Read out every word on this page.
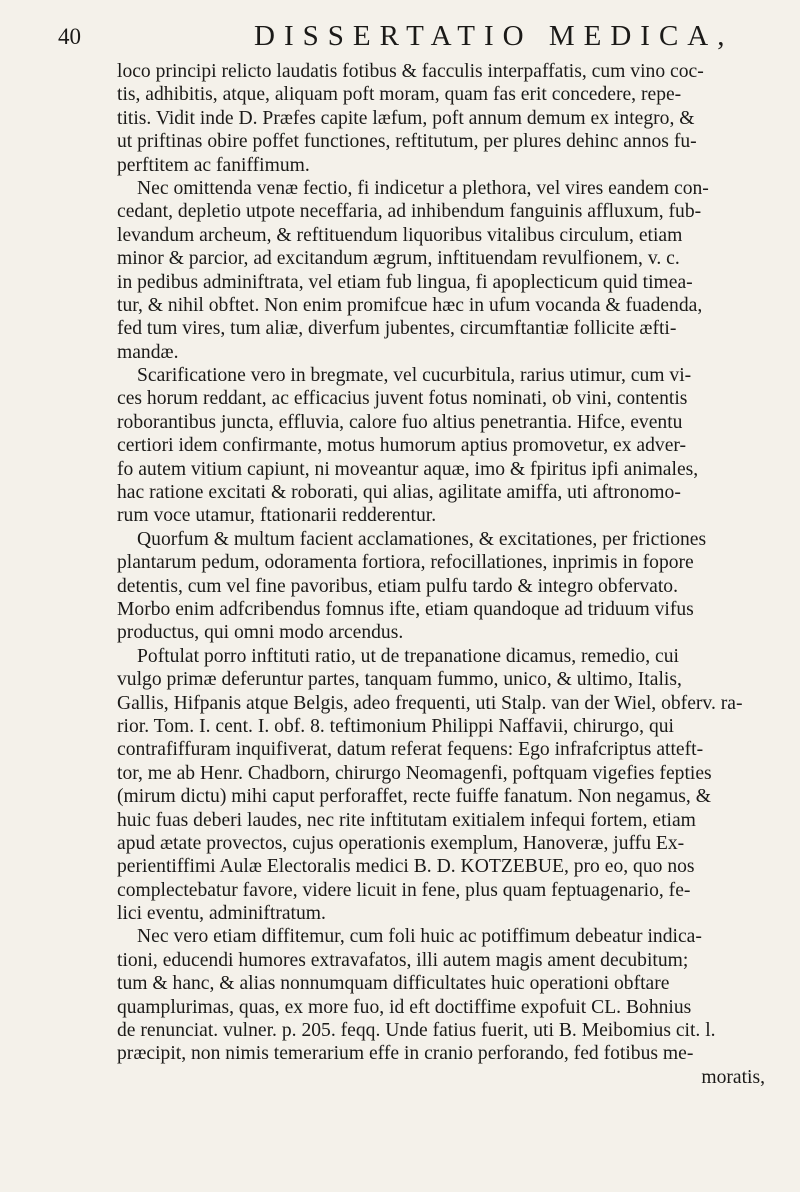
40	DISSERTATIO MEDICA,
loco principi relicto laudatis fotibus & facculis interpaffatis, cum vino coc-
tis, adhibitis, atque, aliquam poft moram, quam fas erit concedere, repe-
titis. Vidit inde D. Præfes capite læfum, poft annum demum ex integro, &
ut priftinas obire poffet functiones, reftitutum, per plures dehinc annos fu-
perftitem ac faniffimum.
Nec omittenda venæ fectio, fi indicetur a plethora, vel vires eandem con-
cedant, depletio utpote neceffaria, ad inhibendum fanguinis affluxum, fub-
levandum archeum, & reftituendum liquoribus vitalibus circulum, etiam
minor & parcior, ad excitandum ægrum, inftituendam revulfionem, v. c.
in pedibus adminiftrata, vel etiam fub lingua, fi apoplecticum quid timea-
tur, & nihil obftet. Non enim promifcue hæc in ufum vocanda & fuadenda,
fed tum vires, tum aliæ, diverfum jubentes, circumftantiæ follicite æfti-
mandæ.
Scarificatione vero in bregmate, vel cucurbitula, rarius utimur, cum vi-
ces horum reddant, ac efficacius juvent fotus nominati, ob vini, contentis
roborantibus juncta, effluvia, calore fuo altius penetrantia. Hifce, eventu
certiori idem confirmante, motus humorum aptius promovetur, ex adver-
fo autem vitium capiunt, ni moveantur aquæ, imo & fpiritus ipfi animales,
hac ratione excitati & roborati, qui alias, agilitate amiffa, uti aftronomo-
rum voce utamur, ftationarii redderentur.
Quorfum & multum facient acclamationes, & excitationes, per frictiones
plantarum pedum, odoramenta fortiora, refocillationes, inprimis in fopore
detentis, cum vel fine pavoribus, etiam pulfu tardo & integro obfervato.
Morbo enim adfcribendus fomnus ifte, etiam quandoque ad triduum vifus
productus, qui omni modo arcendus.
Poftulat porro inftituti ratio, ut de trepanatione dicamus, remedio, cui
vulgo primæ deferuntur partes, tanquam fummo, unico, & ultimo, Italis,
Gallis, Hifpanis atque Belgis, adeo frequenti, uti Stalp. van der Wiel, obferv. ra-
rior. Tom. I. cent. I. obf. 8. teftimonium Philippi Naffavii, chirurgo, qui
contrafiffuram inquifiverat, datum referat fequens: Ego infrafcriptus atteft-
tor, me ab Henr. Chadborn, chirurgo Neomagenfi, poftquam vigefies fepties
(mirum dictu) mihi caput perforaffet, recte fuiffe fanatum. Non negamus, &
huic fuas deberi laudes, nec rite inftitutam exitialem infequi fortem, etiam
apud ætate provectos, cujus operationis exemplum, Hanoveræ, juffu Ex-
perientiffimi Aulæ Electoralis medici B. D. KOTZEBUE, pro eo, quo nos
complectebatur favore, videre licuit in fene, plus quam feptuagenario, fe-
lici eventu, adminiftratum.
Nec vero etiam diffitemur, cum foli huic ac potiffimum debeatur indica-
tioni, educendi humores extravafatos, illi autem magis ament decubitum;
tum & hanc, & alias nonnumquam difficultates huic operationi obftare
quamplurimas, quas, ex more fuo, id eft doctiffime expofuit CL. Bohnius
de renunciat. vulner. p. 205. feqq. Unde fatius fuerit, uti B. Meibomius cit. l.
præcipit, non nimis temerarium effe in cranio perforando, fed fotibus me-
moratis,
